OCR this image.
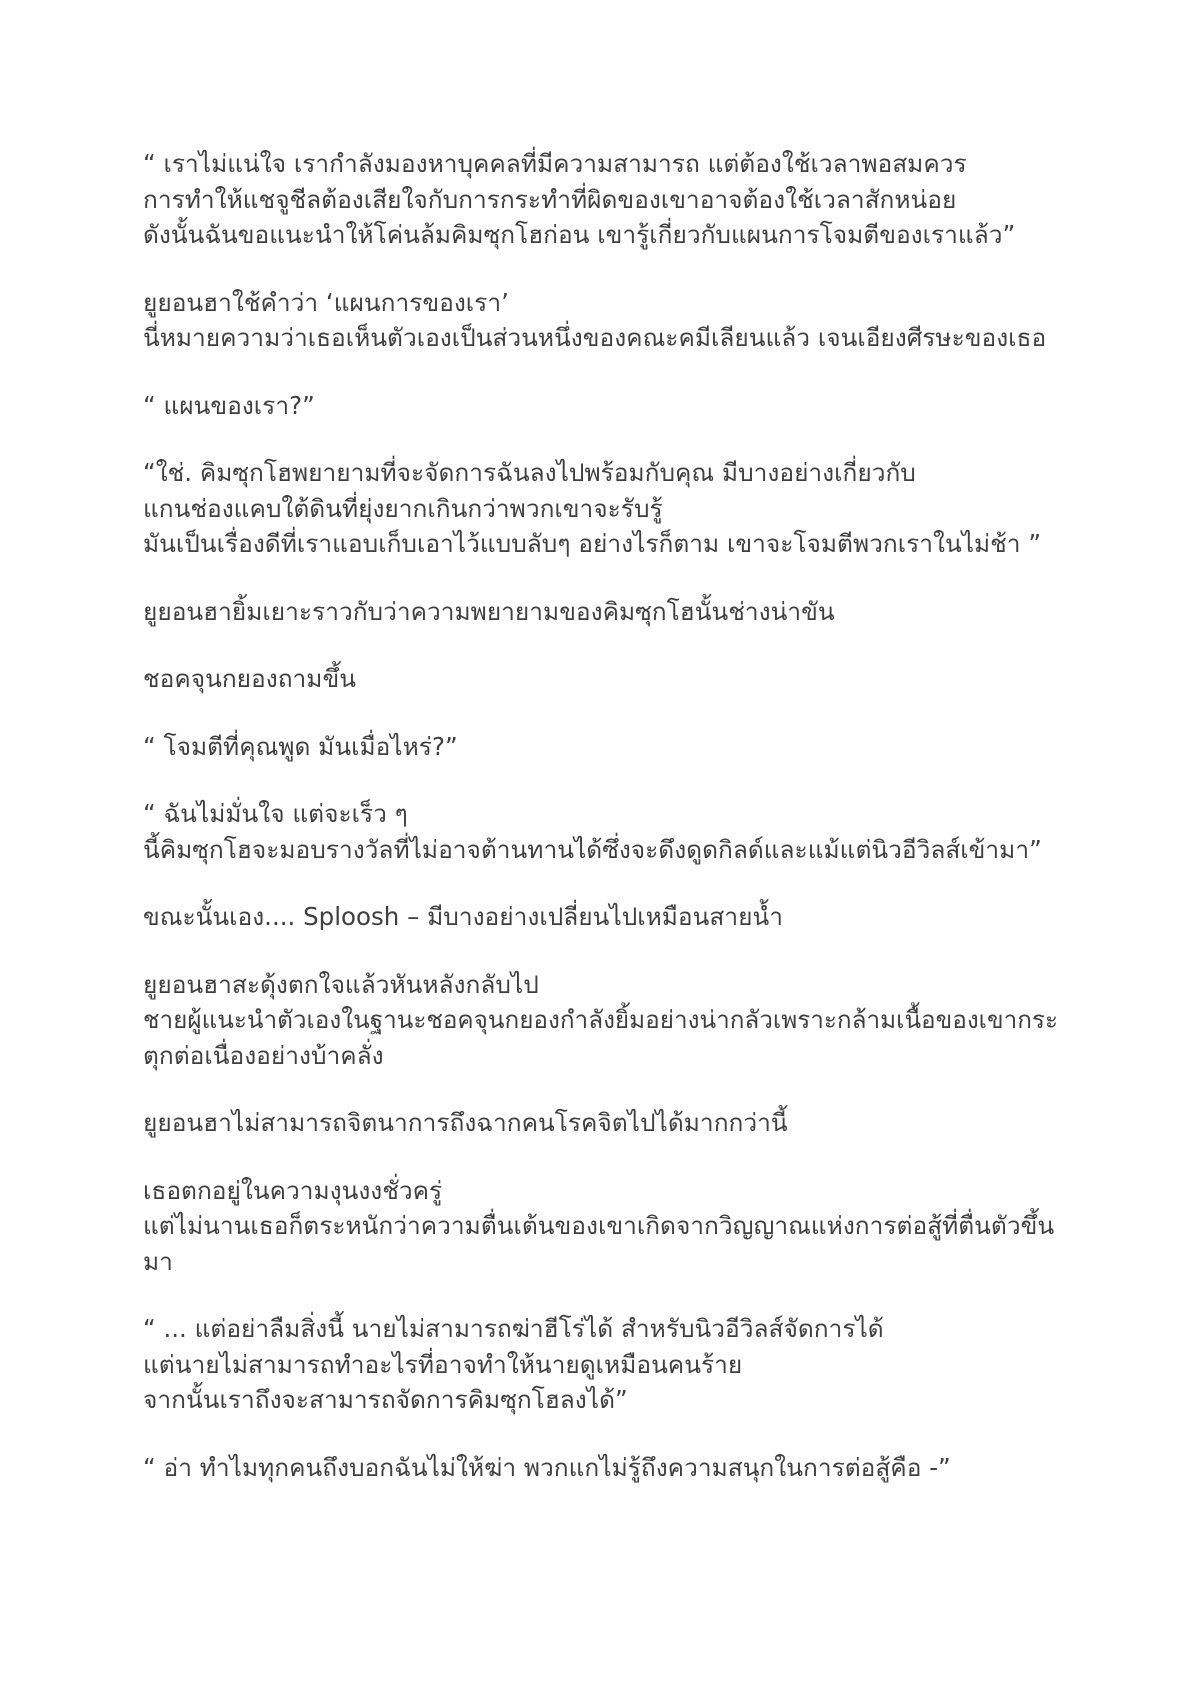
“ เราไม่แน่ใจ เรากำลังมองหาบุคคลที่มีความสามารถ แต่ต้องใช้เวลาพอสมควร
การทำให้แชจูชีลต้องเสียใจกับการกระทำที่ผิดของเขาอาจต้องใช้เวลาสักหน่อย
ดังนั้นฉันขอแนะนำให้โค่นล้มคิมซุกโฮก่อน เขารู้เกี่ยวกับแผนการโจมตีของเราแล้ว”

ยูยอนฮาใช้คำว่า ‘แผนการของเรา’
นี่หมายความว่าเธอเห็นตัวเองเป็นส่วนหนึ่งของคณะคมีเลียนแล้ว เจนเอียงศีรษะของเธอ

“ แผนของเรา?”

“ใช่. คิมซุกโฮพยายามที่จะจัดการฉันลงไปพร้อมกับคุณ มีบางอย่างเกี่ยวกับ
แกนช่องแคบใต้ดินที่ยุ่งยากเกินกว่าพวกเขาจะรับรู้
มันเป็นเรื่องดีที่เราแอบเก็บเอาไว้แบบลับๆ อย่างไรก็ตาม เขาจะโจมตีพวกเราในไม่ช้า ”

ยูยอนฮายิ้มเยาะราวกับว่าความพยายามของคิมซุกโฮนั้นช่างน่าขัน

ชอคจุนกยองถามขึ้น

“ โจมตีที่คุณพูด มันเมื่อไหร่?”

“ ฉันไม่มั่นใจ แต่จะเร็ว ๆ
นี้คิมซุกโฮจะมอบรางวัลที่ไม่อาจต้านทานได้ซึ่งจะดึงดูดกิลด์และแม้แต่นิวอีวิลส์เข้ามา”

ขณะนั้นเอง.... Sploosh – มีบางอย่างเปลี่ยนไปเหมือนสายน้ำ

ยูยอนฮาสะดุ้งตกใจแล้วหันหลังกลับไป
ชายผู้แนะนำตัวเองในฐานะชอคจุนกยองกำลังยิ้มอย่างน่ากลัวเพราะกล้ามเนื้อของเขากระ
ตุกต่อเนื่องอย่างบ้าคลั่ง

ยูยอนฮาไม่สามารถจิตนาการถึงฉากคนโรคจิตไปได้มากกว่านี้

เธอตกอยู่ในความงุนงงชั่วครู่
แต่ไม่นานเธอก็ตระหนักว่าความตื่นเต้นของเขาเกิดจากวิญญาณแห่งการต่อสู้ที่ตื่นตัวขึ้น
มา

“ ... แต่อย่าลืมสิ่งนี้ นายไม่สามารถฆ่าฮีโร่ได้ สำหรับนิวอีวิลส์จัดการได้
แต่นายไม่สามารถทำอะไรที่อาจทำให้นายดูเหมือนคนร้าย
จากนั้นเราถึงจะสามารถจัดการคิมซุกโฮลงได้”

“ อ่า ทำไมทุกคนถึงบอกฉันไม่ให้ฆ่า พวกแกไม่รู้ถึงความสนุกในการต่อสู้คือ -”
